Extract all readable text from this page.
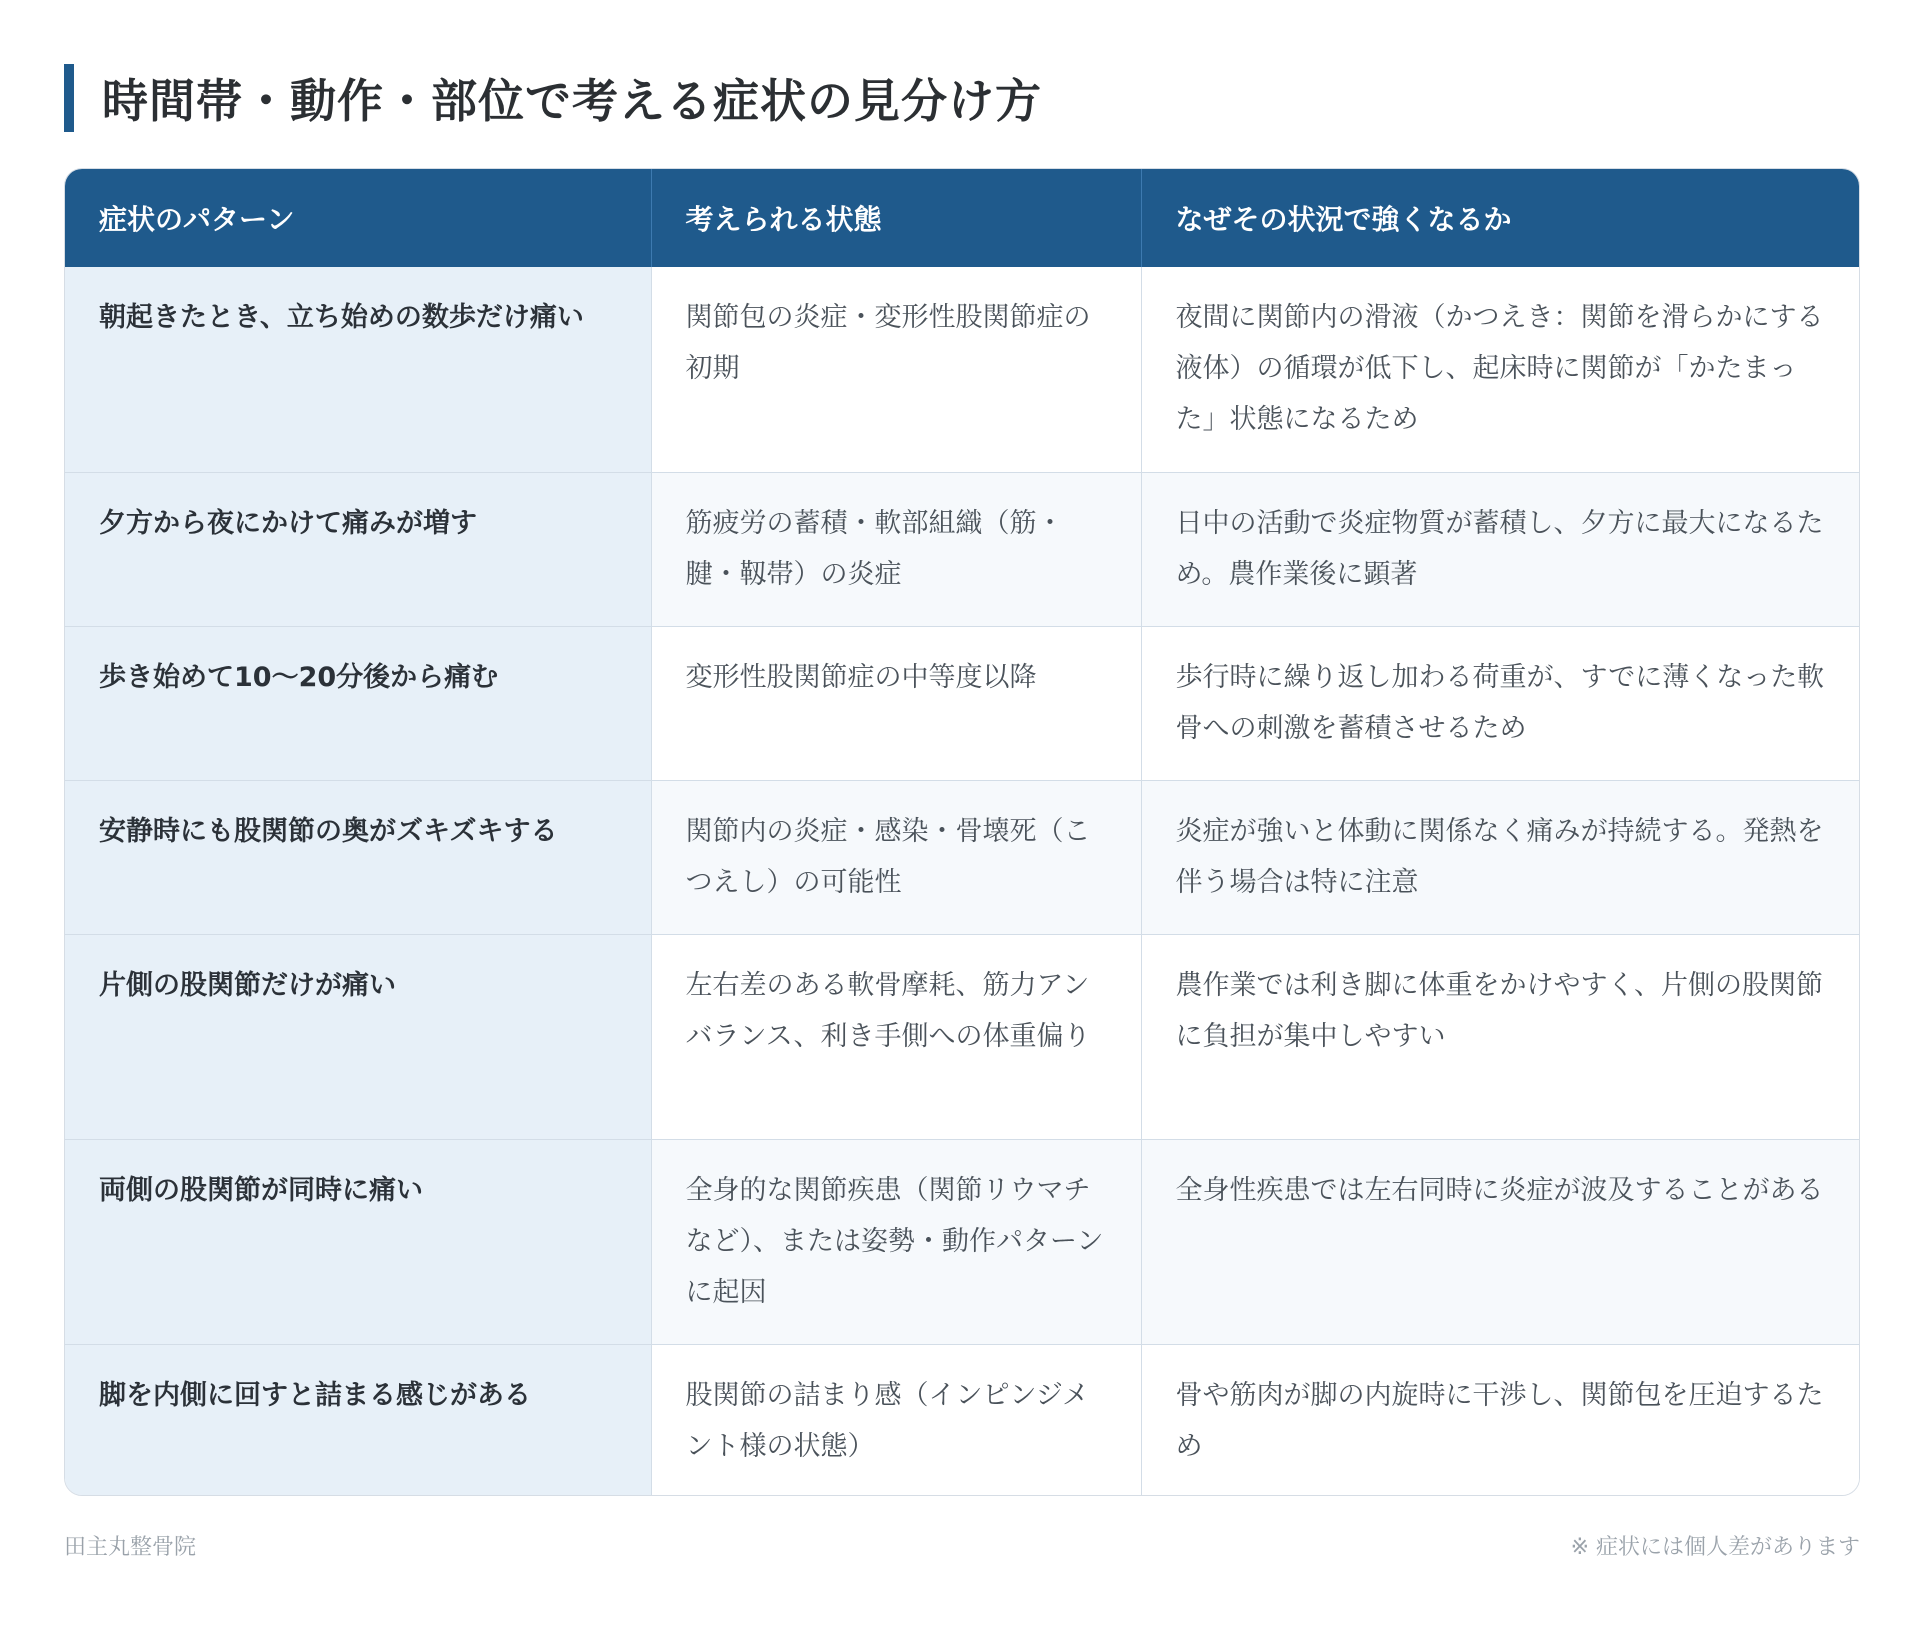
時間帯・動作・部位で考える症状の見分け方
症状のパターン	考えられる状態	なぜその状況で強くなるか
朝起きたとき、立ち始めの数歩だけ痛い	関節包の炎症・変形性股関節症の初期	夜間に関節内の滑液（かつえき：関節を滑らかにする液体）の循環が低下し、起床時に関節が「かたまった」状態になるため
夕方から夜にかけて痛みが増す	筋疲労の蓄積・軟部組織（筋・腱・靱帯）の炎症	日中の活動で炎症物質が蓄積し、夕方に最大になるため。農作業後に顕著
歩き始めて10〜20分後から痛む	変形性股関節症の中等度以降	歩行時に繰り返し加わる荷重が、すでに薄くなった軟骨への刺激を蓄積させるため
安静時にも股関節の奥がズキズキする	関節内の炎症・感染・骨壊死（こつえし）の可能性	炎症が強いと体動に関係なく痛みが持続する。発熱を伴う場合は特に注意
片側の股関節だけが痛い	左右差のある軟骨摩耗、筋力アンバランス、利き手側への体重偏り	農作業では利き脚に体重をかけやすく、片側の股関節に負担が集中しやすい
両側の股関節が同時に痛い	全身的な関節疾患（関節リウマチなど）、または姿勢・動作パターンに起因	全身性疾患では左右同時に炎症が波及することがある
脚を内側に回すと詰まる感じがある	股関節の詰まり感（インピンジメント様の状態）	骨や筋肉が脚の内旋時に干渉し、関節包を圧迫するため
田主丸整骨院	※ 症状には個人差があります
